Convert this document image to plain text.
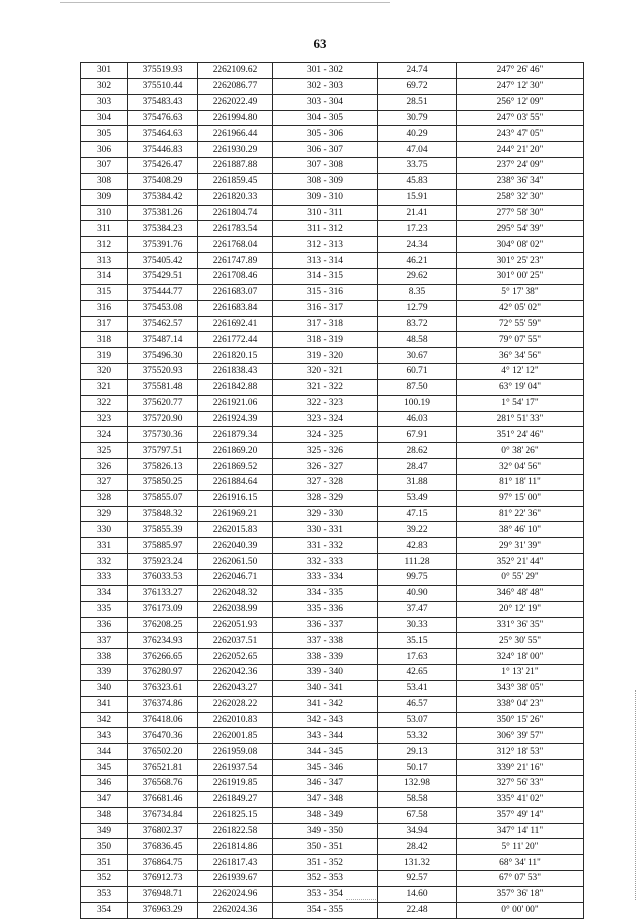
63
301	375519.93	2262109.62	301 - 302	24.74	247° 26' 46"
302	375510.44	2262086.77	302 - 303	69.72	247° 12' 30"
303	375483.43	2262022.49	303 - 304	28.51	256° 12' 09"
304	375476.63	2261994.80	304 - 305	30.79	247° 03' 55"
305	375464.63	2261966.44	305 - 306	40.29	243° 47' 05"
306	375446.83	2261930.29	306 - 307	47.04	244° 21' 20"
307	375426.47	2261887.88	307 - 308	33.75	237° 24' 09"
308	375408.29	2261859.45	308 - 309	45.83	238° 36' 34"
309	375384.42	2261820.33	309 - 310	15.91	258° 32' 30"
310	375381.26	2261804.74	310 - 311	21.41	277° 58' 30"
311	375384.23	2261783.54	311 - 312	17.23	295° 54' 39"
312	375391.76	2261768.04	312 - 313	24.34	304° 08' 02"
313	375405.42	2261747.89	313 - 314	46.21	301° 25' 23"
314	375429.51	2261708.46	314 - 315	29.62	301° 00' 25"
315	375444.77	2261683.07	315 - 316	8.35	5° 17' 38"
316	375453.08	2261683.84	316 - 317	12.79	42° 05' 02"
317	375462.57	2261692.41	317 - 318	83.72	72° 55' 59"
318	375487.14	2261772.44	318 - 319	48.58	79° 07' 55"
319	375496.30	2261820.15	319 - 320	30.67	36° 34' 56"
320	375520.93	2261838.43	320 - 321	60.71	4° 12' 12"
321	375581.48	2261842.88	321 - 322	87.50	63° 19' 04"
322	375620.77	2261921.06	322 - 323	100.19	1° 54' 17"
323	375720.90	2261924.39	323 - 324	46.03	281° 51' 33"
324	375730.36	2261879.34	324 - 325	67.91	351° 24' 46"
325	375797.51	2261869.20	325 - 326	28.62	0° 38' 26"
326	375826.13	2261869.52	326 - 327	28.47	32° 04' 56"
327	375850.25	2261884.64	327 - 328	31.88	81° 18' 11"
328	375855.07	2261916.15	328 - 329	53.49	97° 15' 00"
329	375848.32	2261969.21	329 - 330	47.15	81° 22' 36"
330	375855.39	2262015.83	330 - 331	39.22	38° 46' 10"
331	375885.97	2262040.39	331 - 332	42.83	29° 31' 39"
332	375923.24	2262061.50	332 - 333	111.28	352° 21' 44"
333	376033.53	2262046.71	333 - 334	99.75	0° 55' 29"
334	376133.27	2262048.32	334 - 335	40.90	346° 48' 48"
335	376173.09	2262038.99	335 - 336	37.47	20° 12' 19"
336	376208.25	2262051.93	336 - 337	30.33	331° 36' 35"
337	376234.93	2262037.51	337 - 338	35.15	25° 30' 55"
338	376266.65	2262052.65	338 - 339	17.63	324° 18' 00"
339	376280.97	2262042.36	339 - 340	42.65	1° 13' 21"
340	376323.61	2262043.27	340 - 341	53.41	343° 38' 05"
341	376374.86	2262028.22	341 - 342	46.57	338° 04' 23"
342	376418.06	2262010.83	342 - 343	53.07	350° 15' 26"
343	376470.36	2262001.85	343 - 344	53.32	306° 39' 57"
344	376502.20	2261959.08	344 - 345	29.13	312° 18' 53"
345	376521.81	2261937.54	345 - 346	50.17	339° 21' 16"
346	376568.76	2261919.85	346 - 347	132.98	327° 56' 33"
347	376681.46	2261849.27	347 - 348	58.58	335° 41' 02"
348	376734.84	2261825.15	348 - 349	67.58	357° 49' 14"
349	376802.37	2261822.58	349 - 350	34.94	347° 14' 11"
350	376836.45	2261814.86	350 - 351	28.42	5° 11' 20"
351	376864.75	2261817.43	351 - 352	131.32	68° 34' 11"
352	376912.73	2261939.67	352 - 353	92.57	67° 07' 53"
353	376948.71	2262024.96	353 - 354	14.60	357° 36' 18"
354	376963.29	2262024.36	354 - 355	22.48	0° 00' 00"
